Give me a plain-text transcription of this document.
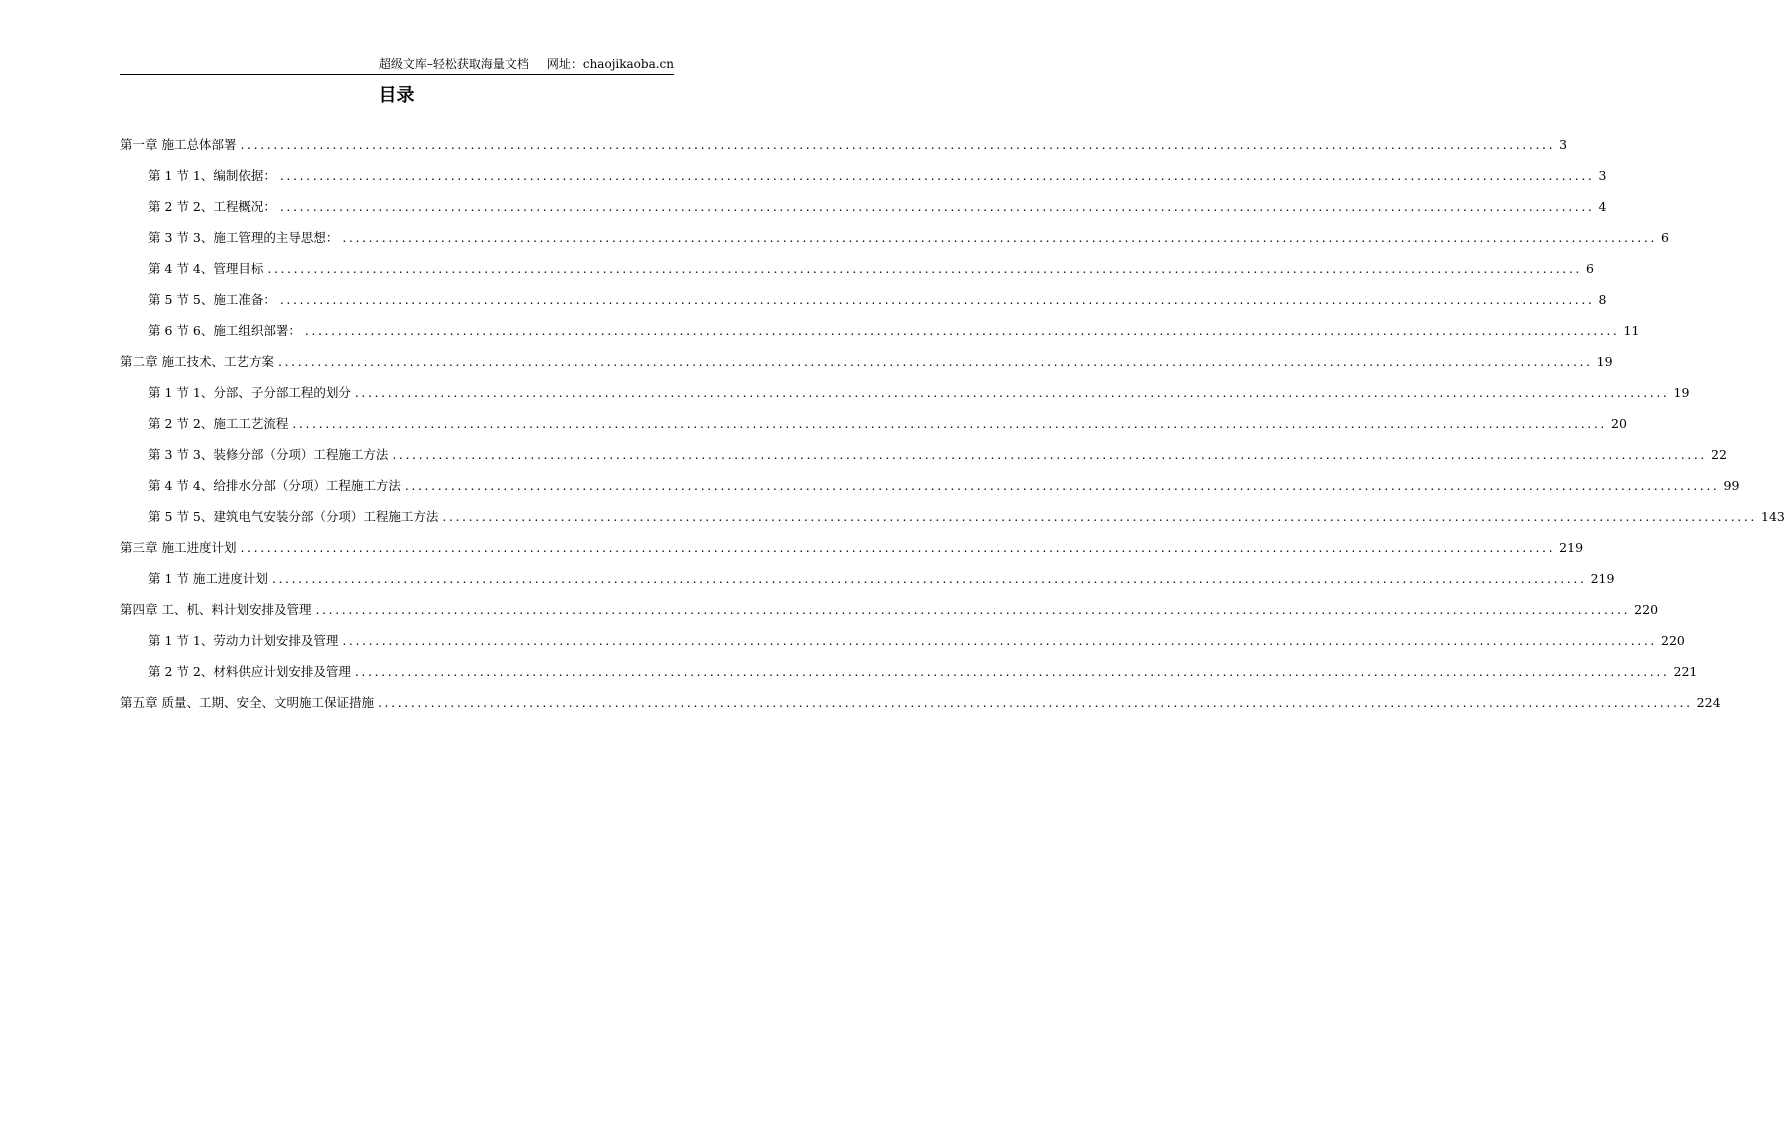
超级文库–轻松获取海量文档 网址：chaojikaoba.cn
目录
第一章 施工总体部署 ........................................................................................................................................................................................................ 3
第 1 节 1、编制依据： ........................................................................................................................................................................................................ 3
第 2 节 2、工程概况： ........................................................................................................................................................................................................ 4
第 3 节 3、施工管理的主导思想： ........................................................................................................................................................................................................ 6
第 4 节 4、管理目标 ........................................................................................................................................................................................................ 6
第 5 节 5、施工准备： ........................................................................................................................................................................................................ 8
第 6 节 6、施工组织部署： ........................................................................................................................................................................................................ 11
第二章 施工技术、工艺方案 ........................................................................................................................................................................................................ 19
第 1 节 1、分部、子分部工程的划分 ........................................................................................................................................................................................................ 19
第 2 节 2、施工工艺流程 ........................................................................................................................................................................................................ 20
第 3 节 3、装修分部（分项）工程施工方法 ........................................................................................................................................................................................................ 22
第 4 节 4、给排水分部（分项）工程施工方法 ........................................................................................................................................................................................................ 99
第 5 节 5、建筑电气安装分部（分项）工程施工方法 ........................................................................................................................................................................................................ 143
第三章 施工进度计划 ........................................................................................................................................................................................................ 219
第 1 节 施工进度计划 ........................................................................................................................................................................................................ 219
第四章 工、机、料计划安排及管理 ........................................................................................................................................................................................................ 220
第 1 节 1、劳动力计划安排及管理 ........................................................................................................................................................................................................ 220
第 2 节 2、材料供应计划安排及管理 ........................................................................................................................................................................................................ 221
第五章 质量、工期、安全、文明施工保证措施 ........................................................................................................................................................................................................ 224
